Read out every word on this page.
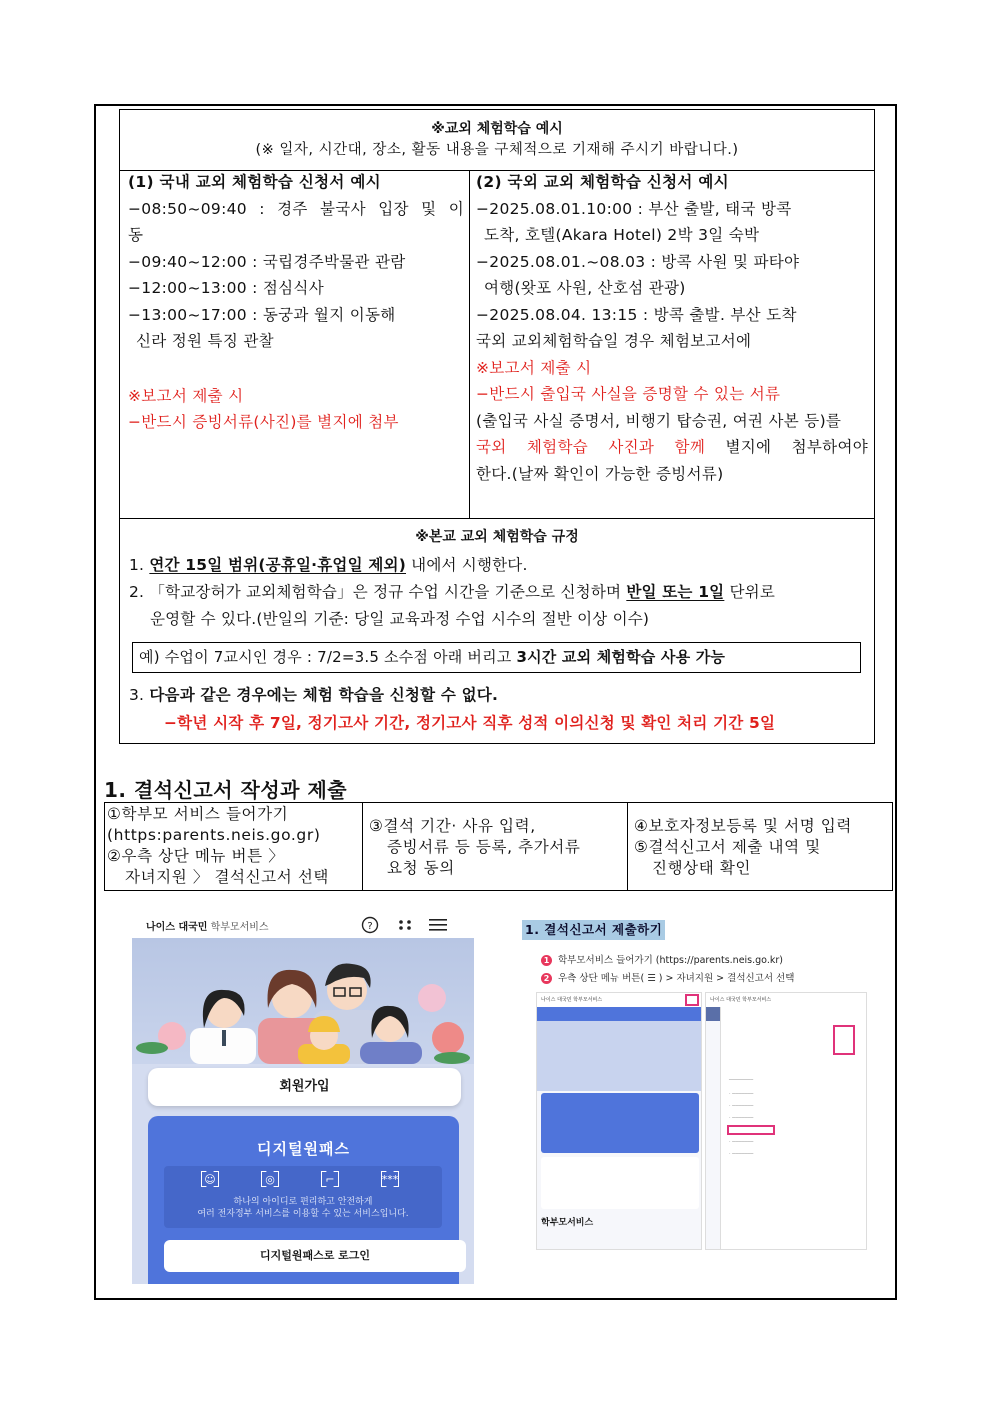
※교외 체험학습 예시
(※ 일자, 시간대, 장소, 활동 내용을 구체적으로 기재해 주시기 바랍니다.)
(1) 국내 교외 체험학습 신청서 예시
−08:50~09:40 : 경주 불국사 입장 및 이
동
−09:40~12:00 : 국립경주박물관 관람
−12:00~13:00 : 점심식사
−13:00~17:00 : 동궁과 월지 이동해
신라 정원 특징 관찰
※보고서 제출 시
−반드시 증빙서류(사진)를 별지에 첨부
(2) 국외 교외 체험학습 신청서 예시
−2025.08.01.10:00 : 부산 출발, 태국 방콕
도착, 호텔(Akara Hotel) 2박 3일 숙박
−2025.08.01.~08.03 : 방콕 사원 및 파타야
여행(왓포 사원, 산호섬 관광)
−2025.08.04. 13:15 : 방콕 출발. 부산 도착
국외 교외체험학습일 경우 체험보고서에
※보고서 제출 시
−반드시 출입국 사실을 증명할 수 있는 서류
(출입국 사실 증명서, 비행기 탑승권, 여권 사본 등)를
국외 체험학습 사진과 함께 별지에 첨부하여야
한다.(날짜 확인이 가능한 증빙서류)
※본교 교외 체험학습 규정
1. 연간 15일 범위(공휴일·휴업일 제외) 내에서 시행한다.
2. 「학교장허가 교외체험학습」은 정규 수업 시간을 기준으로 신청하며 반일 또는 1일 단위로
운영할 수 있다.(반일의 기준: 당일 교육과정 수업 시수의 절반 이상 이수)
예) 수업이 7교시인 경우 : 7/2=3.5 소수점 아래 버리고 3시간 교외 체험학습 사용 가능
3. 다음과 같은 경우에는 체험 학습을 신청할 수 없다.
−학년 시작 후 7일, 정기고사 기간, 정기고사 직후 성적 이의신청 및 확인 처리 기간 5일
1. 결석신고서 작성과 제출
①학부모 서비스 들어가기
(https:parents.neis.go.gr)
②우측 상단 메뉴 버튼 〉
자녀지원 〉 결석신고서 선택
③결석 기간· 사유 입력,
증빙서류 등 등록, 추가서류
요청 동의
④보호자정보등록 및 서명 입력
⑤결석신고서 제출 내역 및
진행상태 확인
나이스 대국민 학부모서비스	?
회원가입
디지털원패스
☺	◎	⌐	***
하나의 아이디로 편리하고 안전하게
여러 전자정부 서비스를 이용할 수 있는 서비스입니다.
디지털원패스로 로그인
1. 결석신고서 제출하기
1 학부모서비스 들어가기 (https://parents.neis.go.kr)
2 우측 상단 메뉴 버튼( ☰ ) > 자녀지원 > 결석신고서 선택
나이스 대국민 학부모서비스
학부모서비스
나이스 대국민 학부모서비스
────────
· ───────
· ───────
· ───────
· ───────
· ───────
